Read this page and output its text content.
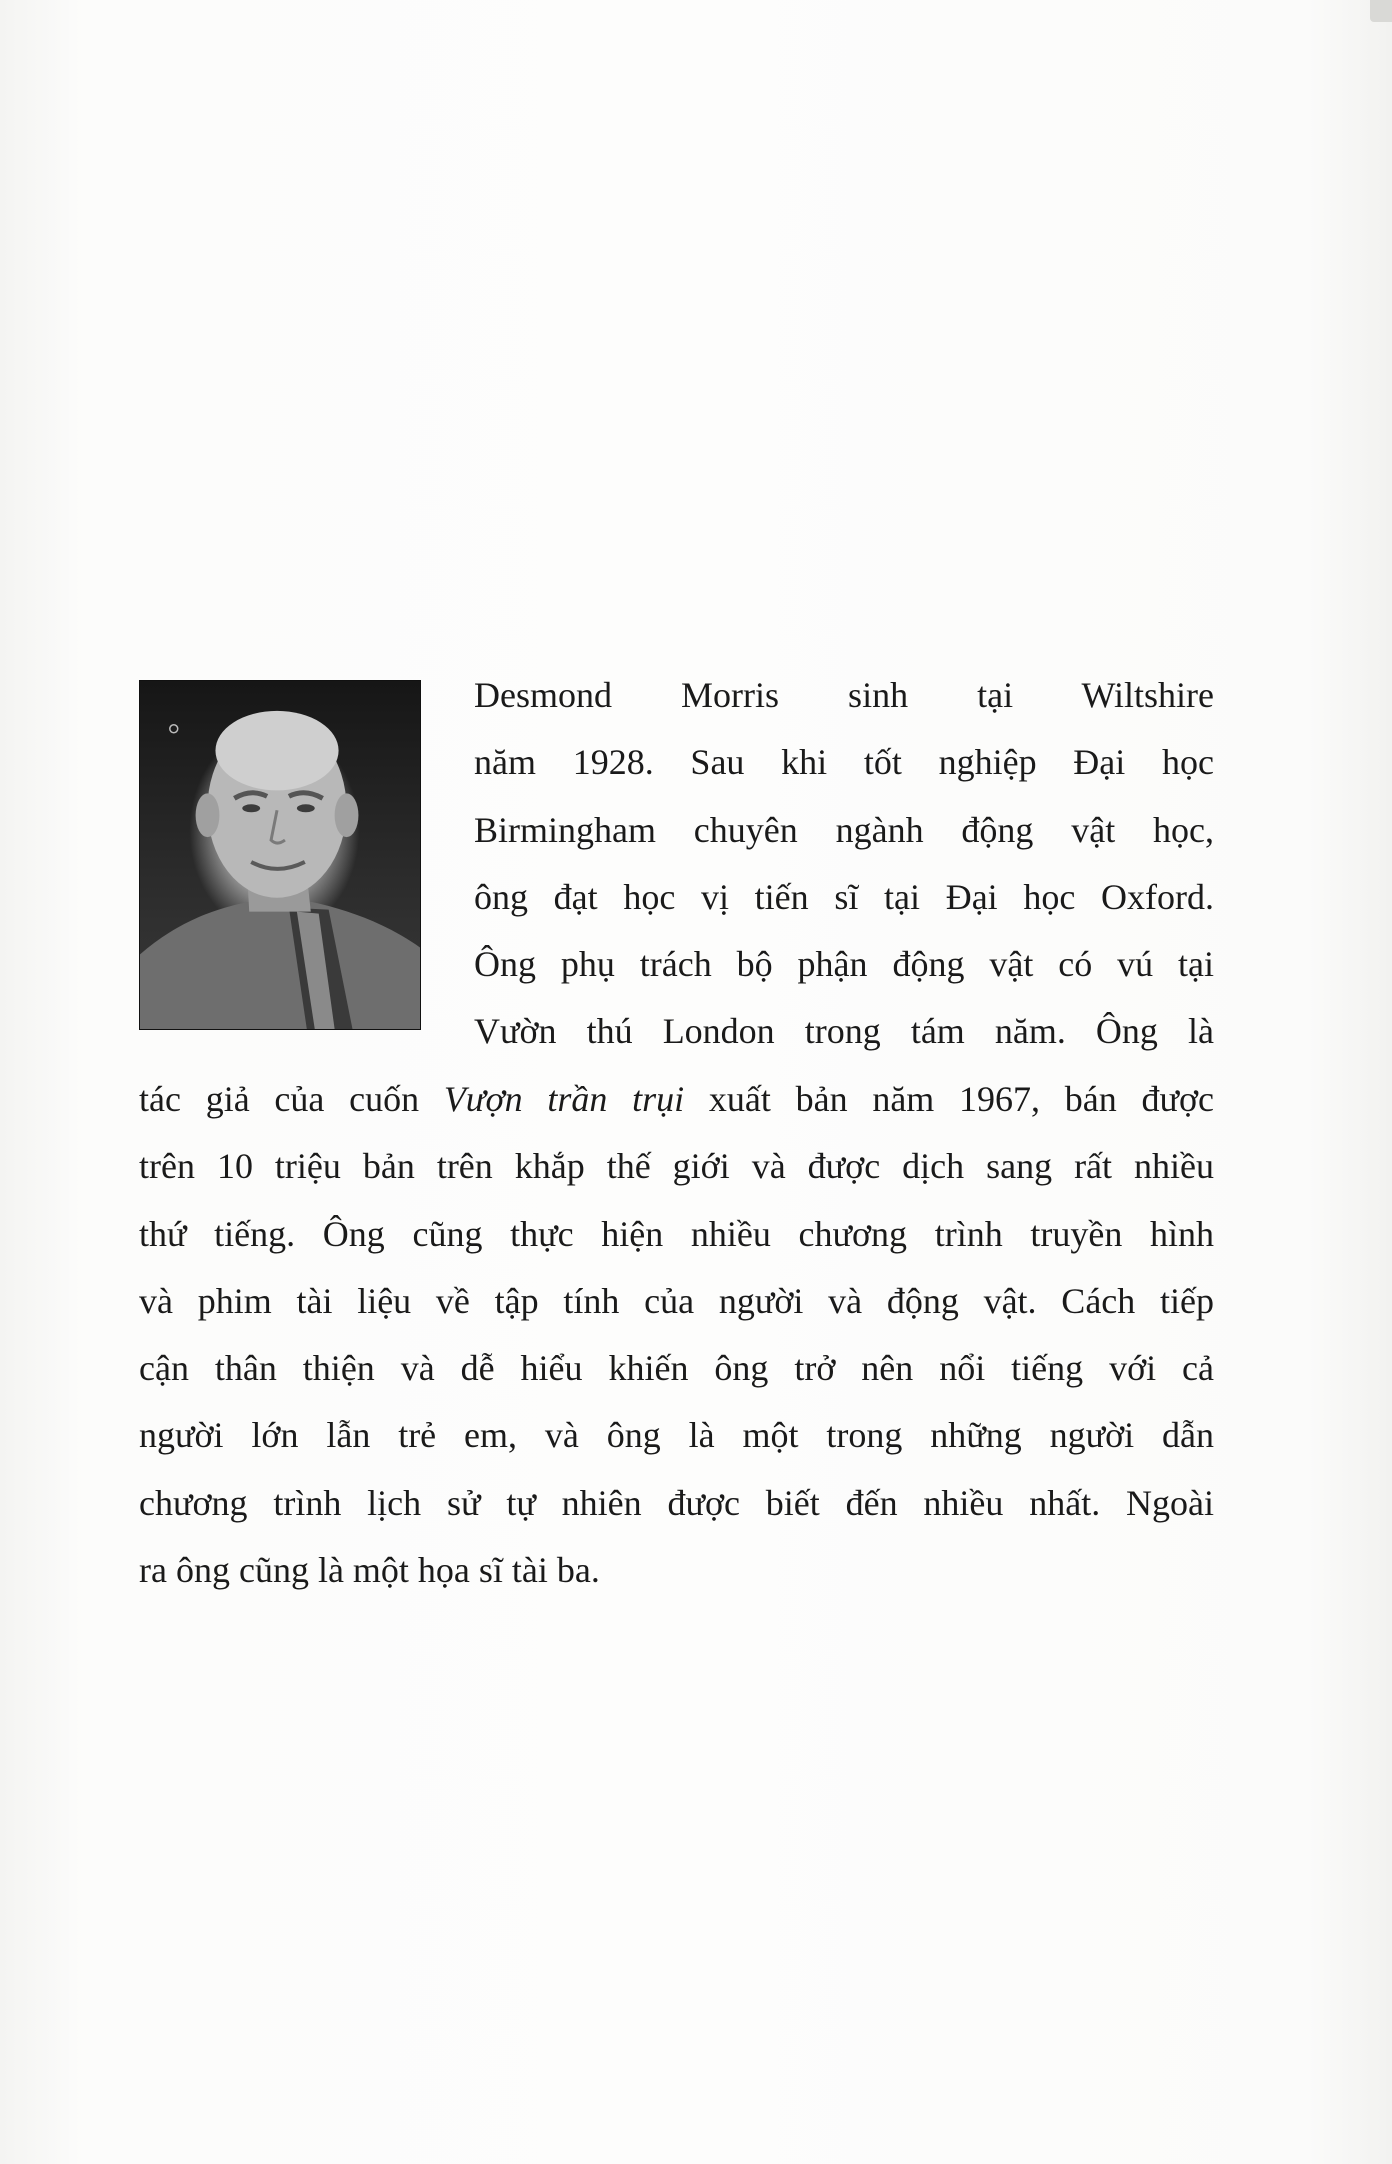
Desmond Morris sinh tại Wiltshire
năm 1928. Sau khi tốt nghiệp Đại học
Birmingham chuyên ngành động vật học,
ông đạt học vị tiến sĩ tại Đại học Oxford.
Ông phụ trách bộ phận động vật có vú tại
Vườn thú London trong tám năm. Ông là
tác giả của cuốn Vượn trần trụi xuất bản năm 1967, bán được
trên 10 triệu bản trên khắp thế giới và được dịch sang rất nhiều
thứ tiếng. Ông cũng thực hiện nhiều chương trình truyền hình
và phim tài liệu về tập tính của người và động vật. Cách tiếp
cận thân thiện và dễ hiểu khiến ông trở nên nổi tiếng với cả
người lớn lẫn trẻ em, và ông là một trong những người dẫn
chương trình lịch sử tự nhiên được biết đến nhiều nhất. Ngoài
ra ông cũng là một họa sĩ tài ba.
